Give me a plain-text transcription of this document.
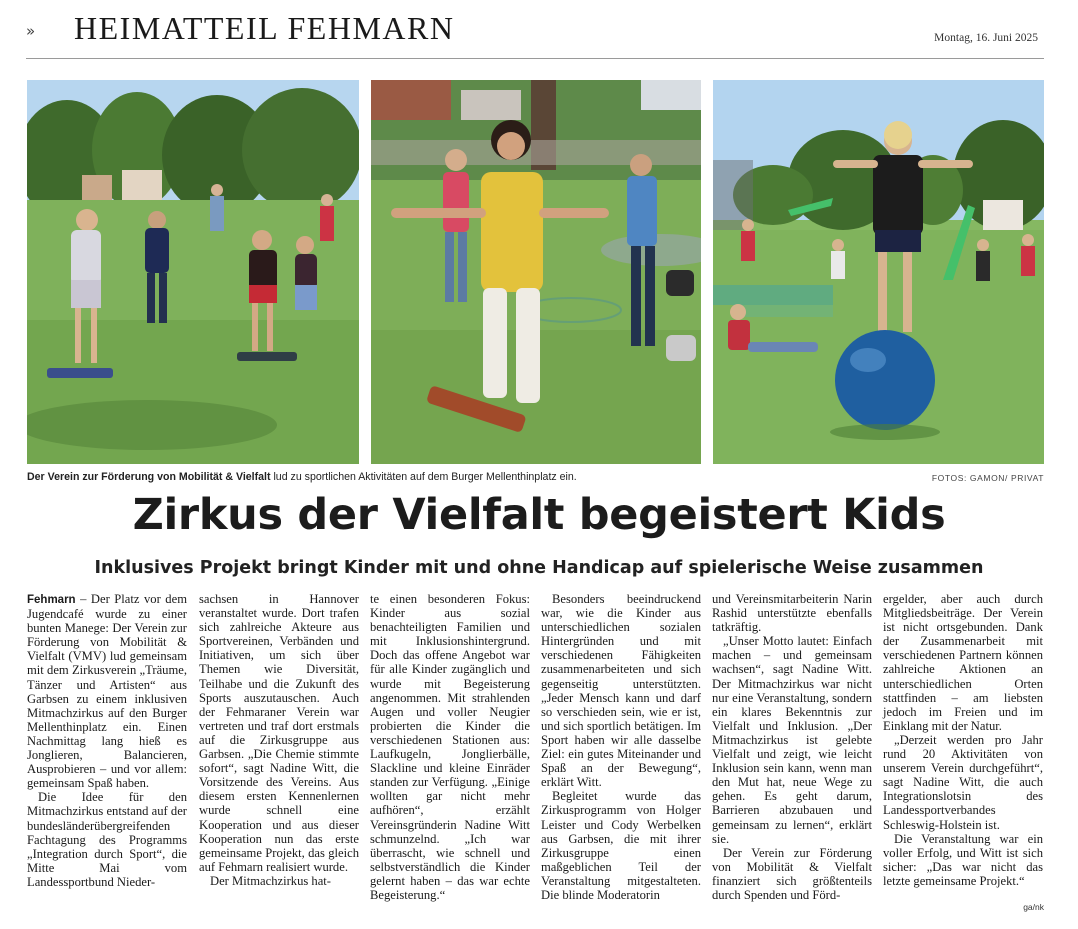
» HEIMATTEIL FEHMARN	Montag, 16. Juni 2025
Der Verein zur Förderung von Mobilität & Vielfalt lud zu sportlichen Aktivitäten auf dem Burger Mellenthinplatz ein.	FOTOS: GAMON/ PRIVAT
Zirkus der Vielfalt begeistert Kids
Inklusives Projekt bringt Kinder mit und ohne Handicap auf spielerische Weise zusammen

Fehmarn – Der Platz vor dem Jugendcafé wurde zu einer bunten Manege: Der Verein zur Förderung von Mobilität & Vielfalt (VMV) lud gemeinsam mit dem Zirkusverein „Träume, Tänzer und Artisten“ aus Garbsen zu einem inklusiven Mitmachzirkus auf den Burger Mellenthinplatz ein. Einen Nachmittag lang hieß es Jonglieren, Balancieren, Ausprobieren – und vor allem: gemeinsam Spaß haben.

Die Idee für den Mitmachzirkus entstand auf der bundesländerübergreifenden Fachtagung des Programms „Integration durch Sport“, die Mitte Mai vom Landessportbund Nieder-

sachsen in Hannover veranstaltet wurde. Dort trafen sich zahlreiche Akteure aus Sportvereinen, Verbänden und Initiativen, um sich über Themen wie Diversität, Teilhabe und die Zukunft des Sports auszutauschen. Auch der Fehmaraner Verein war vertreten und traf dort erstmals auf die Zirkusgruppe aus Garbsen. „Die Chemie stimmte sofort“, sagt Nadine Witt, die Vorsitzende des Vereins. Aus diesem ersten Kennenlernen wurde schnell eine Kooperation und aus dieser Kooperation nun das erste gemeinsame Projekt, das gleich auf Fehmarn realisiert wurde.

Der Mitmachzirkus hat-

te einen besonderen Fokus: Kinder aus sozial benachteiligten Familien und mit Inklusionshintergrund. Doch das offene Angebot war für alle Kinder zugänglich und wurde mit Begeisterung angenommen. Mit strahlenden Augen und voller Neugier probierten die Kinder die verschiedenen Stationen aus: Laufkugeln, Jonglierbälle, Slackline und kleine Einräder standen zur Verfügung. „Einige wollten gar nicht mehr aufhören“, erzählt Vereinsgründerin Nadine Witt schmunzelnd. „Ich war überrascht, wie schnell und selbstverständlich die Kinder gelernt haben – das war echte Begeisterung.“

Besonders beeindruckend war, wie die Kinder aus unterschiedlichen sozialen Hintergründen und mit verschiedenen Fähigkeiten zusammenarbeiteten und sich gegenseitig unterstützten. „Jeder Mensch kann und darf so verschieden sein, wie er ist, und sich sportlich betätigen. Im Sport haben wir alle dasselbe Ziel: ein gutes Miteinander und Spaß an der Bewegung“, erklärt Witt.

Begleitet wurde das Zirkusprogramm von Holger Leister und Cody Werbelken aus Garbsen, die mit ihrer Zirkusgruppe einen maßgeblichen Teil der Veranstaltung mitgestalteten. Die blinde Moderatorin

und Vereinsmitarbeiterin Narin Rashid unterstützte ebenfalls tatkräftig.

„Unser Motto lautet: Einfach machen – und gemeinsam wachsen“, sagt Nadine Witt. Der Mitmachzirkus war nicht nur eine Veranstaltung, sondern ein klares Bekenntnis zur Vielfalt und Inklusion. „Der Mitmachzirkus ist gelebte Vielfalt und zeigt, wie leicht Inklusion sein kann, wenn man den Mut hat, neue Wege zu gehen. Es geht darum, Barrieren abzubauen und gemeinsam zu lernen“, erklärt sie.

Der Verein zur Förderung von Mobilität & Vielfalt finanziert sich größtenteils durch Spenden und Förd-

ergelder, aber auch durch Mitgliedsbeiträge. Der Verein ist nicht ortsgebunden. Dank der Zusammenarbeit mit verschiedenen Partnern können zahlreiche Aktionen an unterschiedlichen Orten stattfinden – am liebsten jedoch im Freien und im Einklang mit der Natur.

„Derzeit werden pro Jahr rund 20 Aktivitäten von unserem Verein durchgeführt“, sagt Nadine Witt, die auch Integrationslotsin des Landessportverbandes Schleswig-Holstein ist.

Die Veranstaltung war ein voller Erfolg, und Witt ist sich sicher: „Das war nicht das letzte gemeinsame Projekt.“

ga/nk
